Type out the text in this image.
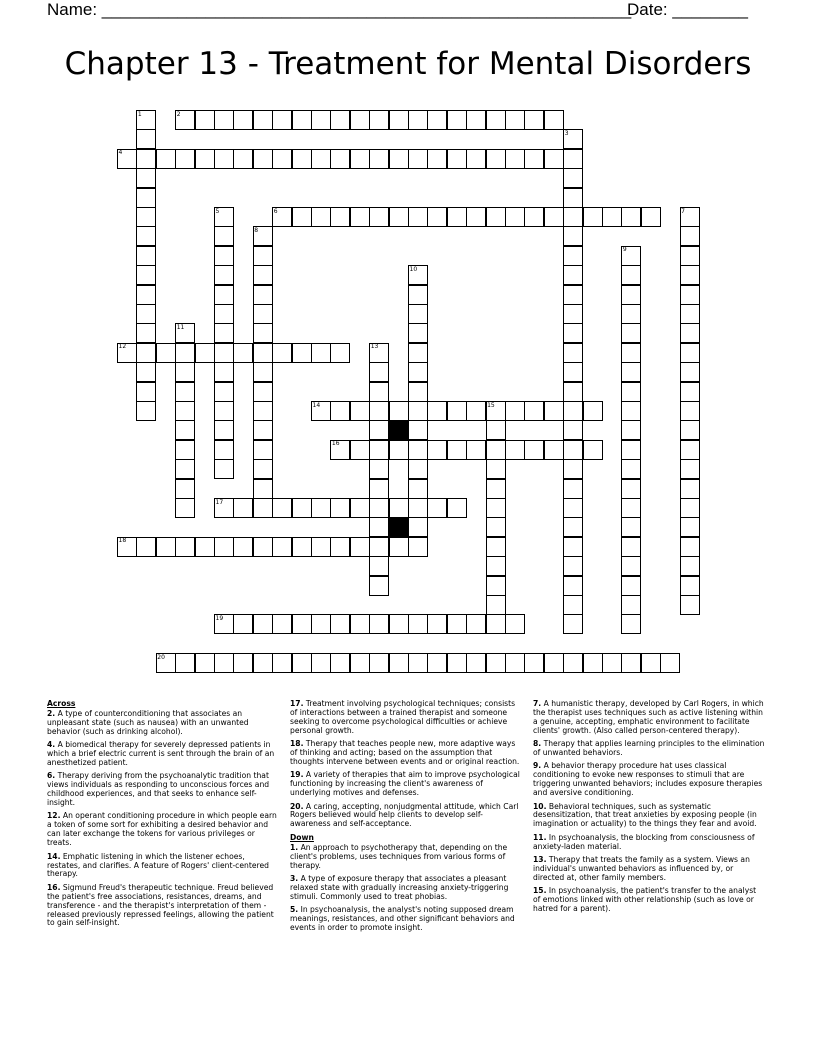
Name: ________________________________________________________
Date: ________
Chapter 13 - Treatment for Mental Disorders
2
4
6
12
14
16
17
18
19
20
1
3
5	7
8
9
10
11
13
15
Across
2. A type of counterconditioning that associates an unpleasant state (such as nausea) with an unwanted behavior (such as drinking alcohol).
4. A biomedical therapy for severely depressed patients in which a brief electric current is sent through the brain of an anesthetized patient.
6. Therapy deriving from the psychoanalytic tradition that views individuals as responding to unconscious forces and childhood experiences, and that seeks to enhance self-insight.
12. An operant conditioning procedure in which people earn a token of some sort for exhibiting a desired behavior and can later exchange the tokens for various privileges or treats.
14. Emphatic listening in which the listener echoes, restates, and clarifies. A feature of Rogers' client-centered therapy.
16. Sigmund Freud's therapeutic technique. Freud believed the patient's free associations, resistances, dreams, and transference - and the therapist's interpretation of them - released previously repressed feelings, allowing the patient to gain self-insight.
17. Treatment involving psychological techniques; consists of interactions between a trained therapist and someone seeking to overcome psychological difficulties or achieve personal growth.
18. Therapy that teaches people new, more adaptive ways of thinking and acting; based on the assumption that thoughts intervene between events and or original reaction.
19. A variety of therapies that aim to improve psychological functioning by increasing the client's awareness of underlying motives and defenses.
20. A caring, accepting, nonjudgmental attitude, which Carl Rogers believed would help clients to develop self-awareness and self-acceptance.
Down
1. An approach to psychotherapy that, depending on the client's problems, uses techniques from various forms of therapy.
3. A type of exposure therapy that associates a pleasant relaxed state with gradually increasing anxiety-triggering stimuli. Commonly used to treat phobias.
5. In psychoanalysis, the analyst's noting supposed dream meanings, resistances, and other significant behaviors and events in order to promote insight.
7. A humanistic therapy, developed by Carl Rogers, in which the therapist uses techniques such as active listening within a genuine, accepting, emphatic environment to facilitate clients' growth. (Also called person-centered therapy).
8. Therapy that applies learning principles to the elimination of unwanted behaviors.
9. A behavior therapy procedure hat uses classical conditioning to evoke new responses to stimuli that are triggering unwanted behaviors; includes exposure therapies and aversive conditioning.
10. Behavioral techniques, such as systematic desensitization, that treat anxieties by exposing people (in imagination or actuality) to the things they fear and avoid.
11. In psychoanalysis, the blocking from consciousness of anxiety-laden material.
13. Therapy that treats the family as a system. Views an individual's unwanted behaviors as influenced by, or directed at, other family members.
15. In psychoanalysis, the patient's transfer to the analyst of emotions linked with other relationship (such as love or hatred for a parent).
